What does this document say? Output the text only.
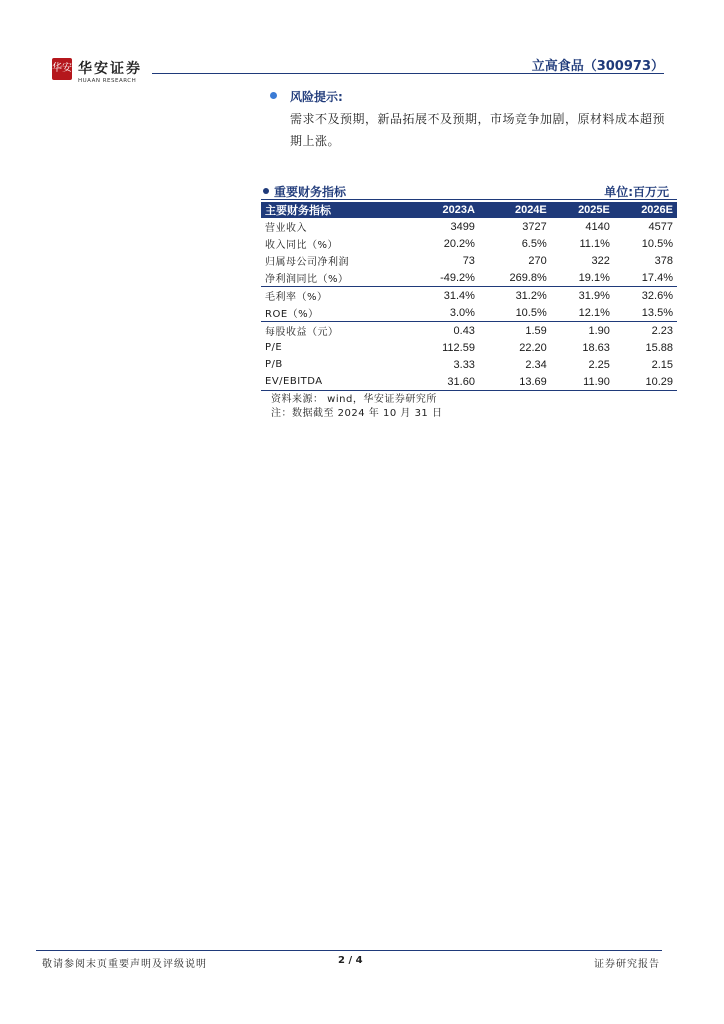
华安 华安证券
HUAAN RESEARCH
立高食品（300973）
风险提示:
需求不及预期，新品拓展不及预期，市场竞争加剧，原材料成本超预期上涨。
重要财务指标	单位:百万元
主要财务指标	2023A	2024E	2025E	2026E
营业收入	3499	3727	4140	4577
收入同比（%）	20.2%	6.5%	11.1%	10.5%
归属母公司净利润	73	270	322	378
净利润同比（%）	-49.2%	269.8%	19.1%	17.4%
毛利率（%）	31.4%	31.2%	31.9%	32.6%
ROE（%）	3.0%	10.5%	12.1%	13.5%
每股收益（元）	0.43	1.59	1.90	2.23
P/E	112.59	22.20	18.63	15.88
P/B	3.33	2.34	2.25	2.15
EV/EBITDA	31.60	13.69	11.90	10.29
资料来源： wind，华安证券研究所
注：数据截至 2024 年 10 月 31 日
敬请参阅末页重要声明及评级说明	2 / 4	证券研究报告
